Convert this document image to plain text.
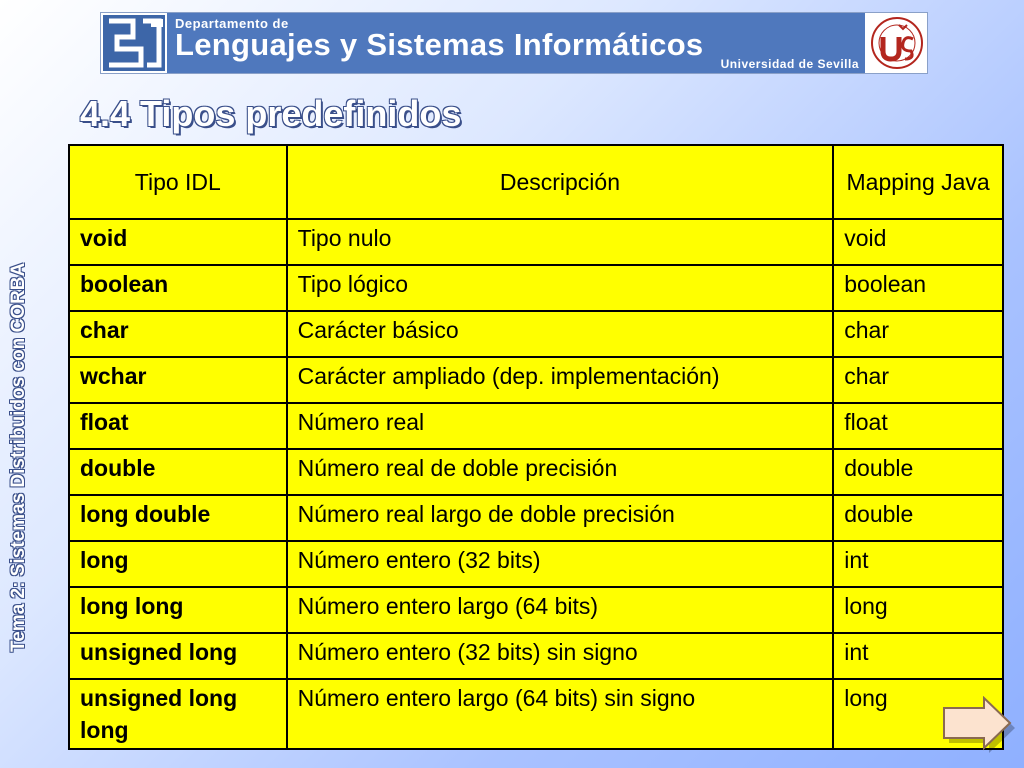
Departamento de
Lenguajes y Sistemas Informáticos
Universidad de Sevilla
4.4 Tipos predefinidos
Tema 2: Sistemas Distribuidos con CORBA
Tipo IDL	Descripción	Mapping Java
void	Tipo nulo	void
boolean	Tipo lógico	boolean
char	Carácter básico	char
wchar	Carácter ampliado (dep. implementación)	char
float	Número real	float
double	Número real de doble precisión	double
long double	Número real largo de doble precisión	double
long	Número entero (32 bits)	int
long long	Número entero largo (64 bits)	long
unsigned long	Número entero (32 bits) sin signo	int
unsigned long long	Número entero largo (64 bits) sin signo	long
